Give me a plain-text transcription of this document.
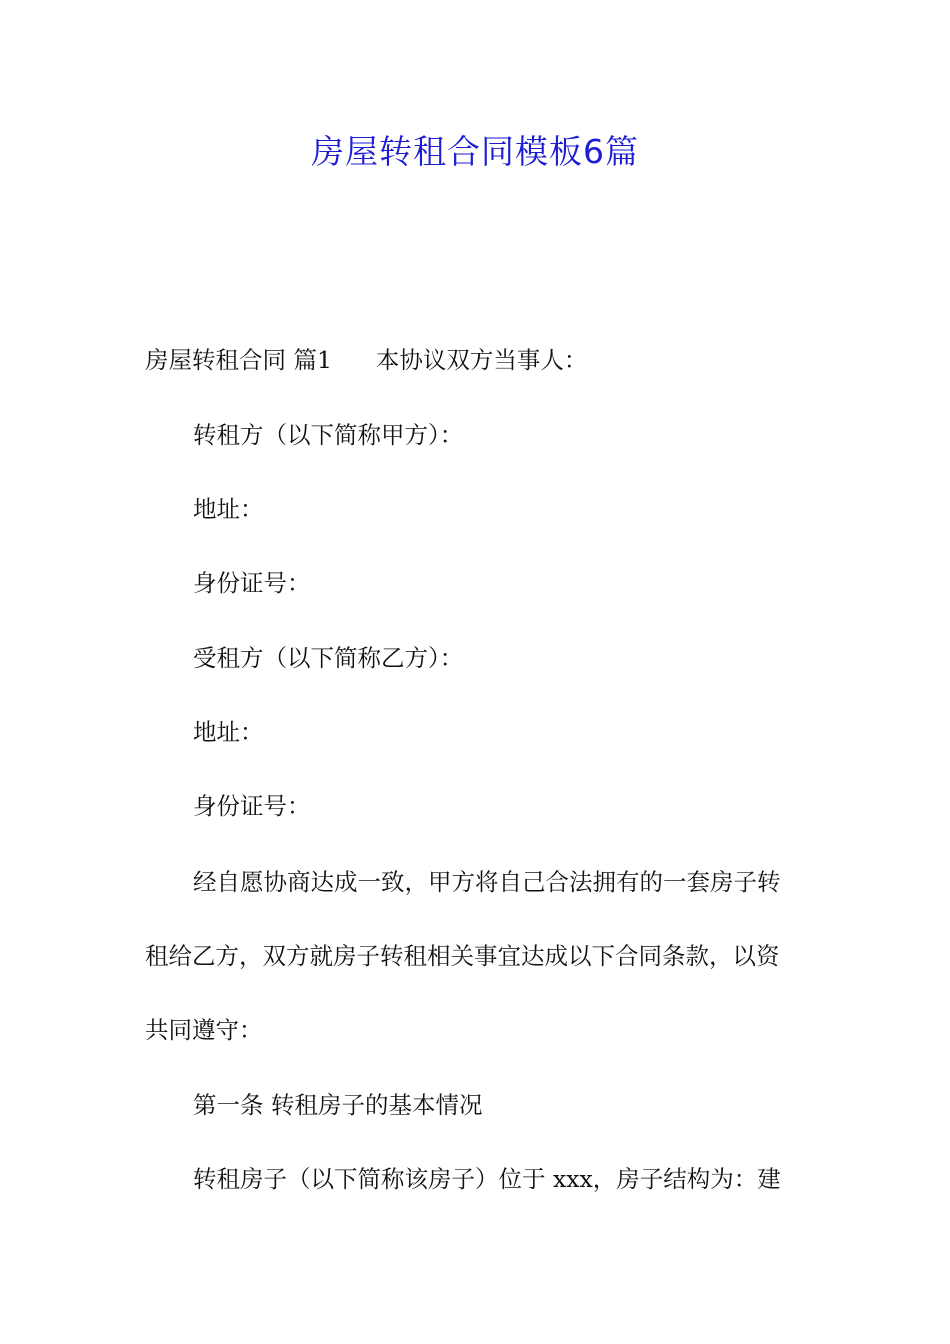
房屋转租合同模板6篇

房屋转租合同 篇1 本协议双方当事人：

转租方（以下简称甲方）：

地址：

身份证号：

受租方（以下简称乙方）：

地址：

身份证号：

经自愿协商达成一致，甲方将自己合法拥有的一套房子转

租给乙方，双方就房子转租相关事宜达成以下合同条款，以资

共同遵守：

第一条 转租房子的基本情况

转租房子（以下简称该房子）位于 xxx，房子结构为：建
